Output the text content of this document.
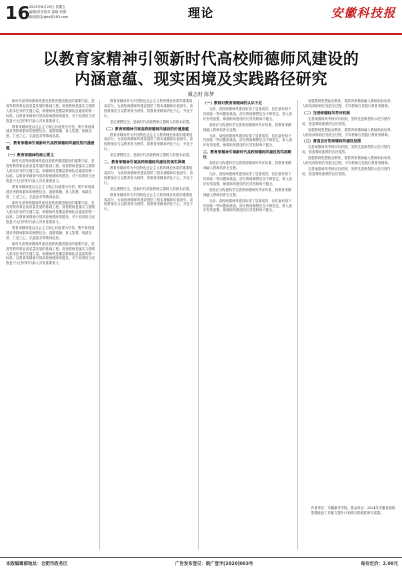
16
2025年6月20日 星期五
编辑/责任校对 邵晓 刘倩
新闻热线/gbx@163.com	理论	安徽科技报
以教育家精神引领新时代高校师德师风建设的
内涵意蕴、现实困境及实践路径研究
戴志财 陈梦

新时代高等师德师风建设是教育强国建设的重要内容，是高等教育事业高质量发展的基础工程。高校教师是落实立德树人根本任务的关键力量，师德师风是衡量教师队伍素质的第一标准。以教育家精神引领高校师德师风建设，对于培养担当民族复兴大任的时代新人具有重要意义。

教育家精神是以社会主义核心价值观为引领，集中体现我国优秀教师群体的理想信念、道德情操、育人智慧、躬耕态度、仁爱之心、弘道追求等精神品质。

一、教育家精神引领新时代高校师德师风建设的内涵意蕴
（一）教育家精神的核心要义

新时代高等师德师风建设是教育强国建设的重要内容，是高等教育事业高质量发展的基础工程。高校教师是落实立德树人根本任务的关键力量，师德师风是衡量教师队伍素质的第一标准。以教育家精神引领高校师德师风建设，对于培养担当民族复兴大任的时代新人具有重要意义。

教育家精神是以社会主义核心价值观为引领，集中体现我国优秀教师群体的理想信念、道德情操、育人智慧、躬耕态度、仁爱之心、弘道追求等精神品质。

新时代高等师德师风建设是教育强国建设的重要内容，是高等教育事业高质量发展的基础工程。高校教师是落实立德树人根本任务的关键力量，师德师风是衡量教师队伍素质的第一标准。以教育家精神引领高校师德师风建设，对于培养担当民族复兴大任的时代新人具有重要意义。

教育家精神是以社会主义核心价值观为引领，集中体现我国优秀教师群体的理想信念、道德情操、育人智慧、躬耕态度、仁爱之心、弘道追求等精神品质。

新时代高等师德师风建设是教育强国建设的重要内容，是高等教育事业高质量发展的基础工程。高校教师是落实立德树人根本任务的关键力量，师德师风是衡量教师队伍素质的第一标准。以教育家精神引领高校师德师风建设，对于培养担当民族复兴大任的时代新人具有重要意义。

教育家精神作为中国特色社会主义教育理论体系的重要组成部分，为高校师德师风建设提供了根本遵循和价值指引。高校教师应当以教育家为榜样，将教育家精神内化于心、外化于行。

坚定理想信念，是新时代高校教师立德树人的根本前提。

（二）教育家精神引领高校师德师风建设的价值意蕴

教育家精神作为中国特色社会主义教育理论体系的重要组成部分，为高校师德师风建设提供了根本遵循和价值指引。高校教师应当以教育家为榜样，将教育家精神内化于心、外化于行。

坚定理想信念，是新时代高校教师立德树人的根本前提。

二、教育家精神引领高校师德师风建设的现实困境

教育家精神作为中国特色社会主义教育理论体系的重要组成部分，为高校师德师风建设提供了根本遵循和价值指引。高校教师应当以教育家为榜样，将教育家精神内化于心、外化于行。

坚定理想信念，是新时代高校教师立德树人的根本前提。

教育家精神作为中国特色社会主义教育理论体系的重要组成部分，为高校师德师风建设提供了根本遵循和价值指引。高校教师应当以教育家为榜样，将教育家精神内化于心、外化于行。

（一）教师对教育家精神的认识不足

当前，高校师德师风建设取得了显著成效，但在新形势下仍面临一些问题和挑战。部分教师理想信念不够坚定，育人意识有待加强，师德师风建设的长效机制尚不健全。

高校应当构建科学完善的师德师风考评体系，将教育家精神融入教师培养全过程。

当前，高校师德师风建设取得了显著成效，但在新形势下仍面临一些问题和挑战。部分教师理想信念不够坚定，育人意识有待加强，师德师风建设的长效机制尚不健全。

三、教育家精神引领新时代高校师德师风建设的实践路径

高校应当构建科学完善的师德师风考评体系，将教育家精神融入教师培养全过程。

当前，高校师德师风建设取得了显著成效，但在新形势下仍面临一些问题和挑战。部分教师理想信念不够坚定，育人意识有待加强，师德师风建设的长效机制尚不健全。

高校应当构建科学完善的师德师风考评体系，将教育家精神融入教师培养全过程。

当前，高校师德师风建设取得了显著成效，但在新形势下仍面临一些问题和挑战。部分教师理想信念不够坚定，育人意识有待加强，师德师风建设的长效机制尚不健全。

加强教师思想政治教育，将教育家精神融入教师职前培养、入职培训和职后发展全过程，引导教师自觉践行教育家精神。

（二）完善师德师风考评机制

完善师德师风考核评价机制，发挥先进典型的示范引领作用，营造尊师重教的良好氛围。

加强教师思想政治教育，将教育家精神融入教师职前培养、入职培训和职后发展全过程，引导教师自觉践行教育家精神。

（三）营造良好的师德师风建设氛围

完善师德师风考核评价机制，发挥先进典型的示范引领作用，营造尊师重教的良好氛围。

加强教师思想政治教育，将教育家精神融入教师职前培养、入职培训和职后发展全过程，引导教师自觉践行教育家精神。

完善师德师风考核评价机制，发挥先进典型的示范引领作用，营造尊师重教的良好氛围。

作者单位：安徽新华学院。基金项目：2024年安徽省高校思想政治工作能力提升计划项目阶段性研究成果。
本版编辑部地址：合肥市政务区	广告发布登记：皖广登字[2020]003号	每份定价：2.00元
